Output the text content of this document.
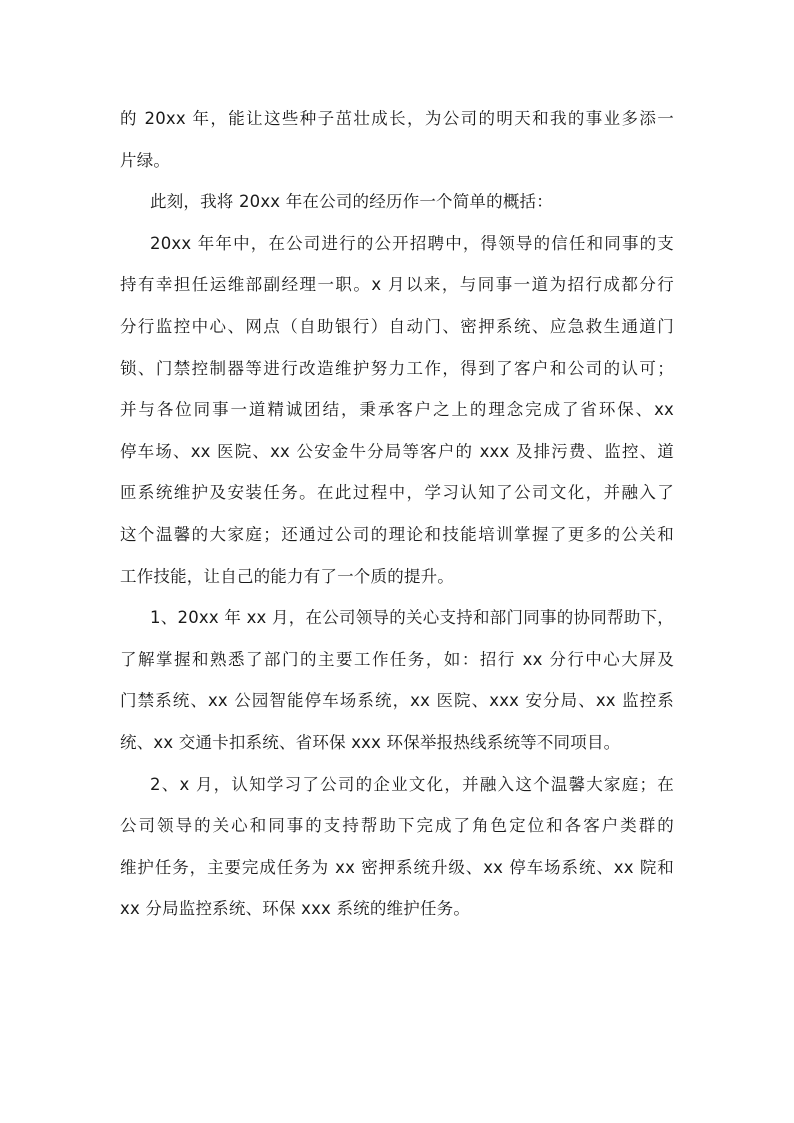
的 20xx 年，能让这些种子茁壮成长，为公司的明天和我的事业多添一
片绿。
此刻，我将 20xx 年在公司的经历作一个简单的概括：
20xx 年年中，在公司进行的公开招聘中，得领导的信任和同事的支
持有幸担任运维部副经理一职。x 月以来，与同事一道为招行成都分行
分行监控中心、网点（自助银行）自动门、密押系统、应急救生通道门
锁、门禁控制器等进行改造维护努力工作，得到了客户和公司的认可；
并与各位同事一道精诚团结，秉承客户之上的理念完成了省环保、xx
停车场、xx 医院、xx 公安金牛分局等客户的 xxx 及排污费、监控、道
匝系统维护及安装任务。在此过程中，学习认知了公司文化，并融入了
这个温馨的大家庭；还通过公司的理论和技能培训掌握了更多的公关和
工作技能，让自己的能力有了一个质的提升。
1、20xx 年 xx 月，在公司领导的关心支持和部门同事的协同帮助下，
了解掌握和熟悉了部门的主要工作任务，如：招行 xx 分行中心大屏及
门禁系统、xx 公园智能停车场系统，xx 医院、xxx 安分局、xx 监控系
统、xx 交通卡扣系统、省环保 xxx 环保举报热线系统等不同项目。
2、x 月，认知学习了公司的企业文化，并融入这个温馨大家庭；在
公司领导的关心和同事的支持帮助下完成了角色定位和各客户类群的
维护任务，主要完成任务为 xx 密押系统升级、xx 停车场系统、xx 院和
xx 分局监控系统、环保 xxx 系统的维护任务。
